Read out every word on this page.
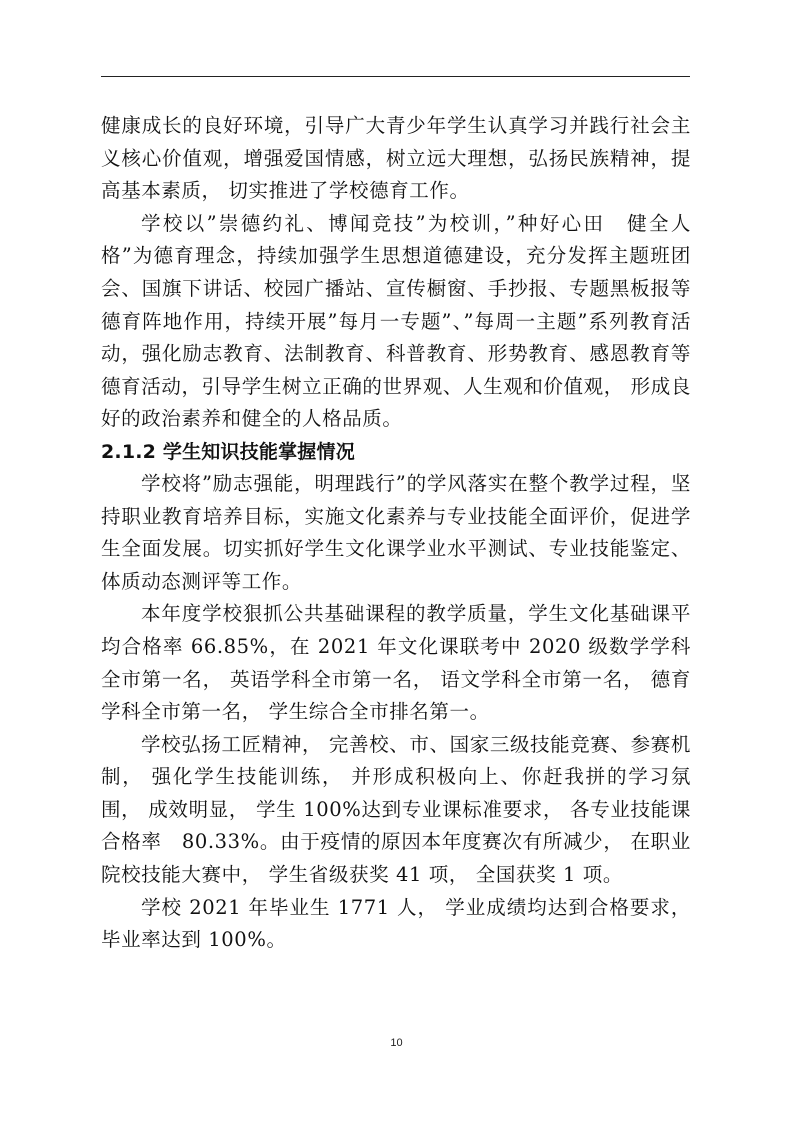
健康成长的良好环境，引导广大青少年学生认真学习并践行社会主义核心价值观，增强爱国情感，树立远大理想，弘扬民族精神，提高基本素质， 切实推进了学校德育工作。

学校以”崇德约礼、博闻竞技”为校训，”种好心田　健全人格”为德育理念，持续加强学生思想道德建设，充分发挥主题班团会、国旗下讲话、校园广播站、宣传橱窗、手抄报、专题黑板报等德育阵地作用，持续开展”每月一专题”、”每周一主题”系列教育活动，强化励志教育、法制教育、科普教育、形势教育、感恩教育等德育活动，引导学生树立正确的世界观、人生观和价值观， 形成良好的政治素养和健全的人格品质。

2.1.2 学生知识技能掌握情况

学校将”励志强能，明理践行”的学风落实在整个教学过程，坚持职业教育培养目标，实施文化素养与专业技能全面评价，促进学生全面发展。切实抓好学生文化课学业水平测试、专业技能鉴定、体质动态测评等工作。

本年度学校狠抓公共基础课程的教学质量，学生文化基础课平均合格率 66.85%，在 2021 年文化课联考中 2020 级数学学科全市第一名， 英语学科全市第一名， 语文学科全市第一名， 德育学科全市第一名， 学生综合全市排名第一。

学校弘扬工匠精神， 完善校、市、国家三级技能竞赛、参赛机制， 强化学生技能训练， 并形成积极向上、你赶我拼的学习氛围， 成效明显， 学生 100%达到专业课标准要求， 各专业技能课合格率　80.33%。由于疫情的原因本年度赛次有所减少， 在职业院校技能大赛中， 学生省级获奖 41 项， 全国获奖 1 项。

学校 2021 年毕业生 1771 人， 学业成绩均达到合格要求，毕业率达到 100%。

10
